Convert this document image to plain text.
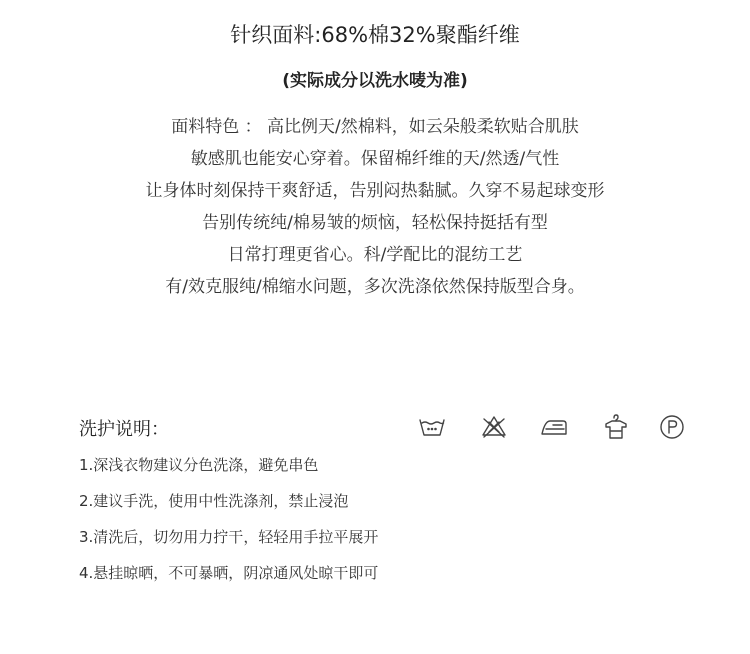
针织面料:68%棉32%聚酯纤维
(实际成分以洗水唛为准)
面料特色 ： 高比例天/然棉料，如云朵般柔软贴合肌肤
敏感肌也能安心穿着。保留棉纤维的天/然透/气性
让身体时刻保持干爽舒适，告别闷热黏腻。久穿不易起球变形
告别传统纯/棉易皱的烦恼，轻松保持挺括有型
日常打理更省心。科/学配比的混纺工艺
有/效克服纯/棉缩水问题，多次洗涤依然保持版型合身。
洗护说明：
1.深浅衣物建议分色洗涤，避免串色
2.建议手洗，使用中性洗涤剂，禁止浸泡
3.清洗后，切勿用力拧干，轻轻用手拉平展开
4.悬挂晾晒，不可暴晒，阴凉通风处晾干即可
